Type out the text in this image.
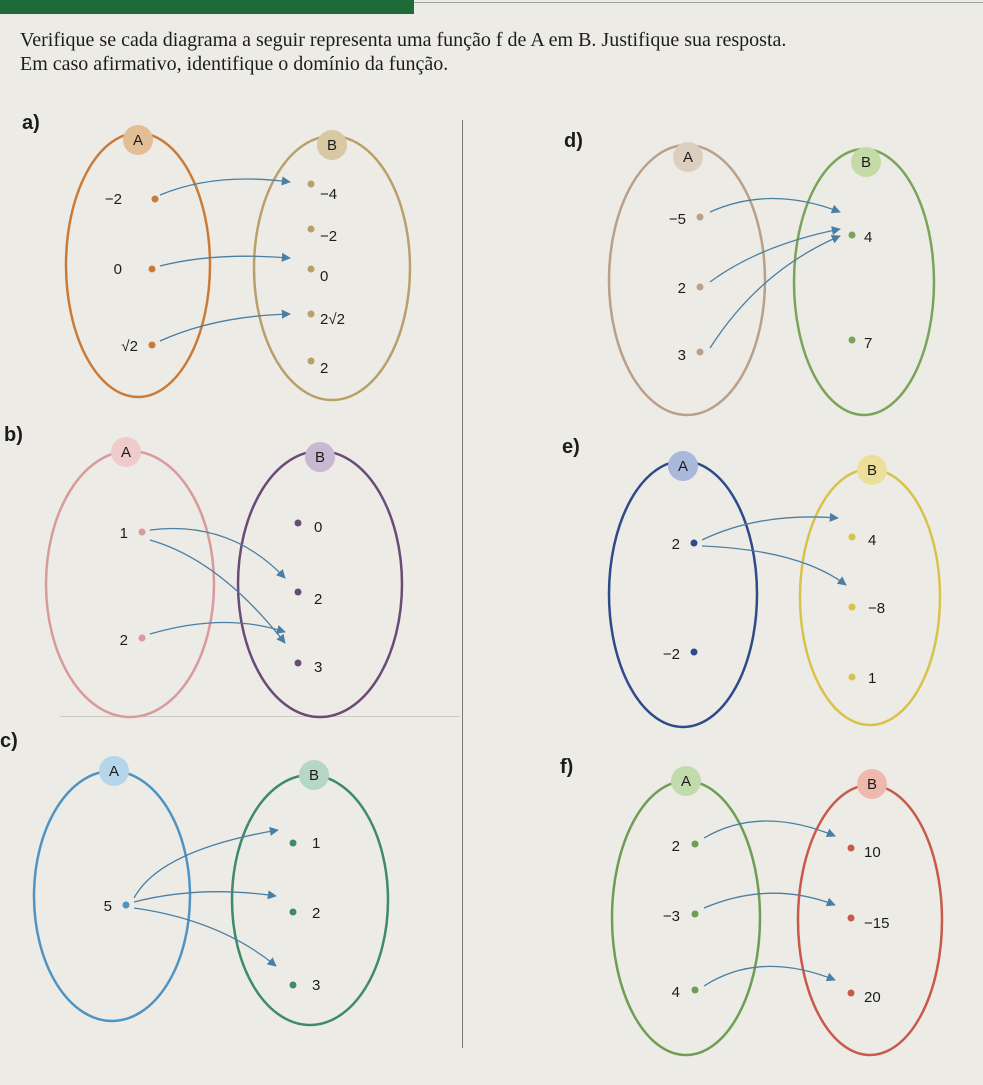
Verifique se cada diagrama a seguir representa uma função f de A em B. Justifique sua resposta.

Em caso afirmativo, identifique o domínio da função.

a)
b)
c)
d)
e)
f)
A	B
−2
0
√2
−4
−2
0
2√2
2
A	B
1
2
0
2
3
A	B
5
1
2
3
A	B
−5
2
3
4
7
A	B
2
−2
4
−8
1
A	B
2
−3
4
10
−15
20
